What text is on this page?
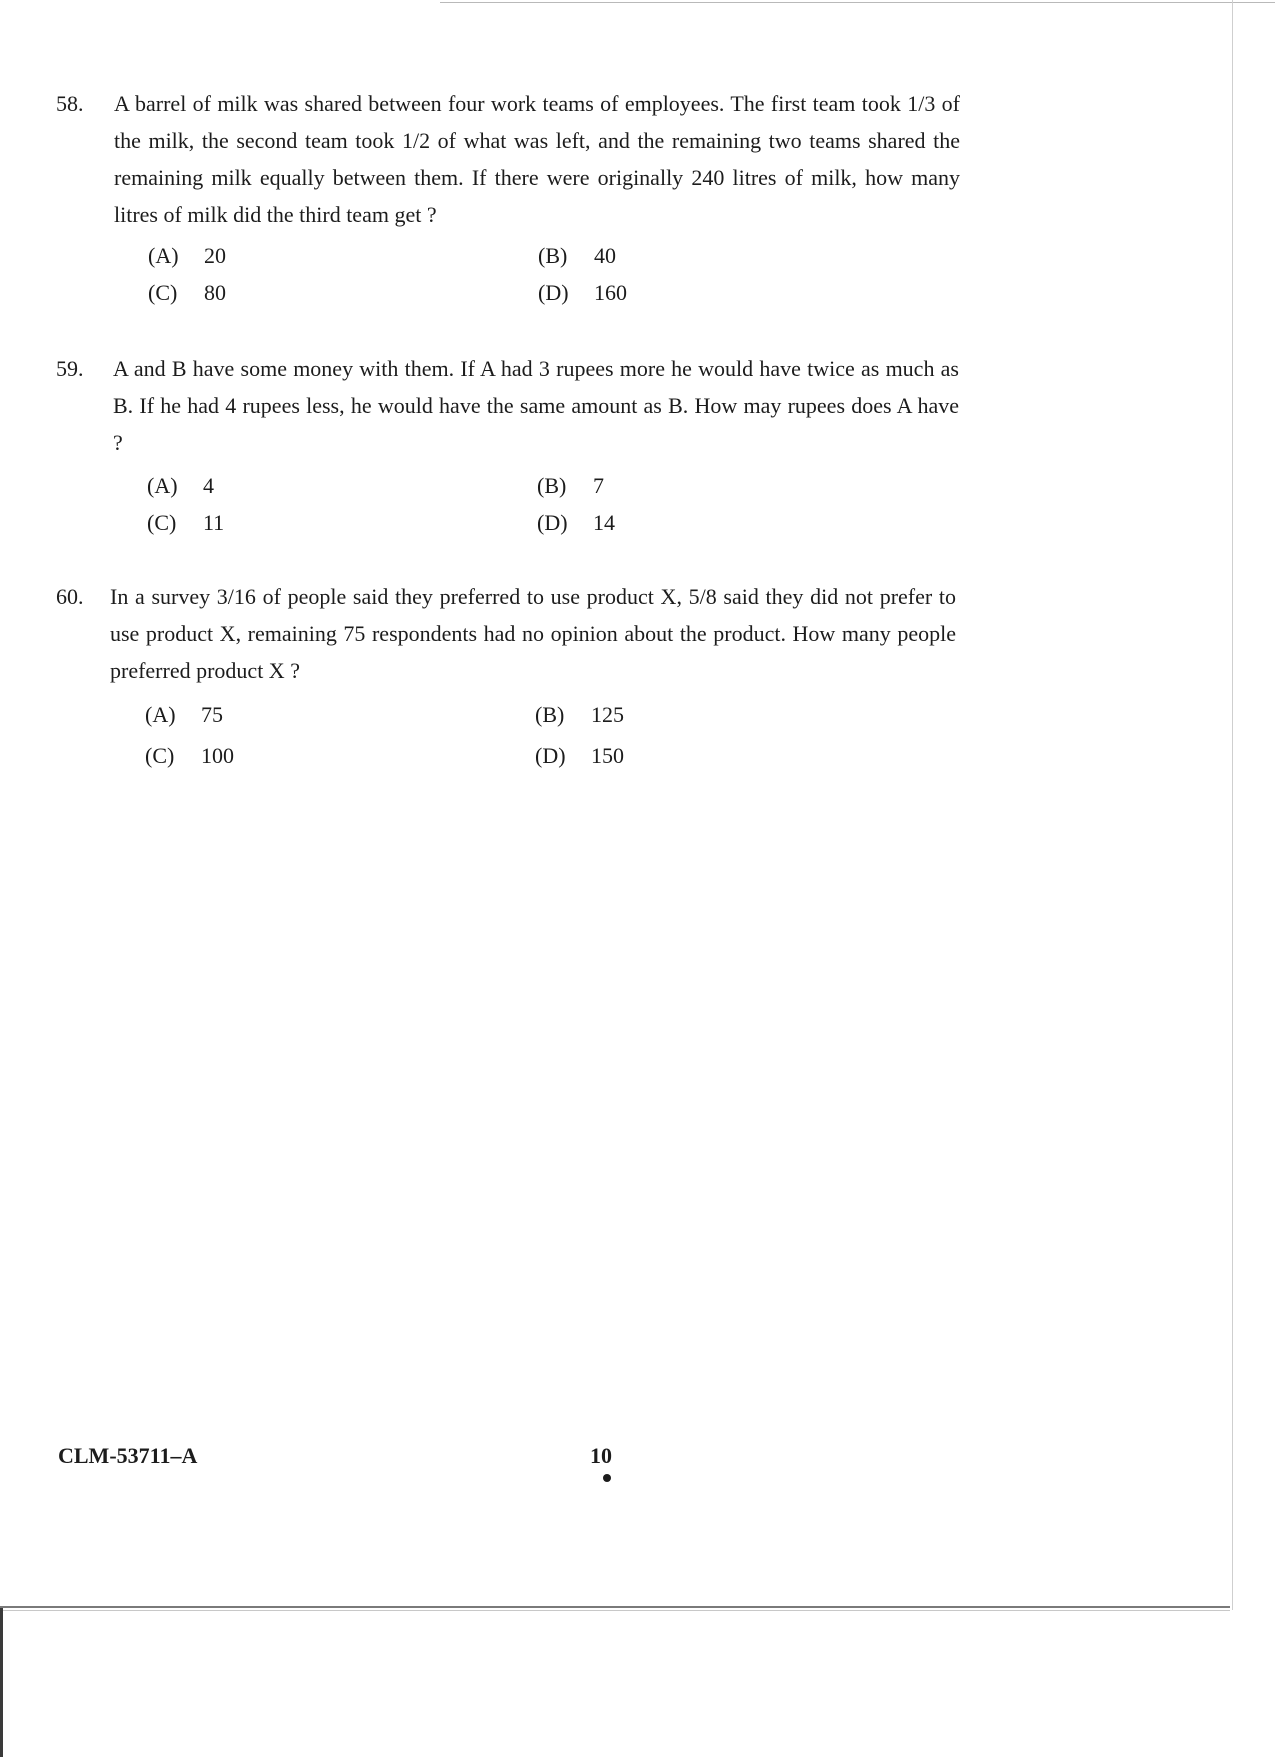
58. A barrel of milk was shared between four work teams of employees. The first team took 1/3 of the milk, the second team took 1/2 of what was left, and the remaining two teams shared the remaining milk equally between them. If there were originally 240 litres of milk, how many litres of milk did the third team get ?
(A) 20	(B) 40
(C) 80	(D) 160
59. A and B have some money with them. If A had 3 rupees more he would have twice as much as B. If he had 4 rupees less, he would have the same amount as B. How may rupees does A have ?
(A) 4	(B) 7
(C) 11	(D) 14
60. In a survey 3/16 of people said they preferred to use product X, 5/8 said they did not prefer to use product X, remaining 75 respondents had no opinion about the product. How many people preferred product X ?
(A) 75	(B) 125
(C) 100	(D) 150
CLM-53711–A	10
